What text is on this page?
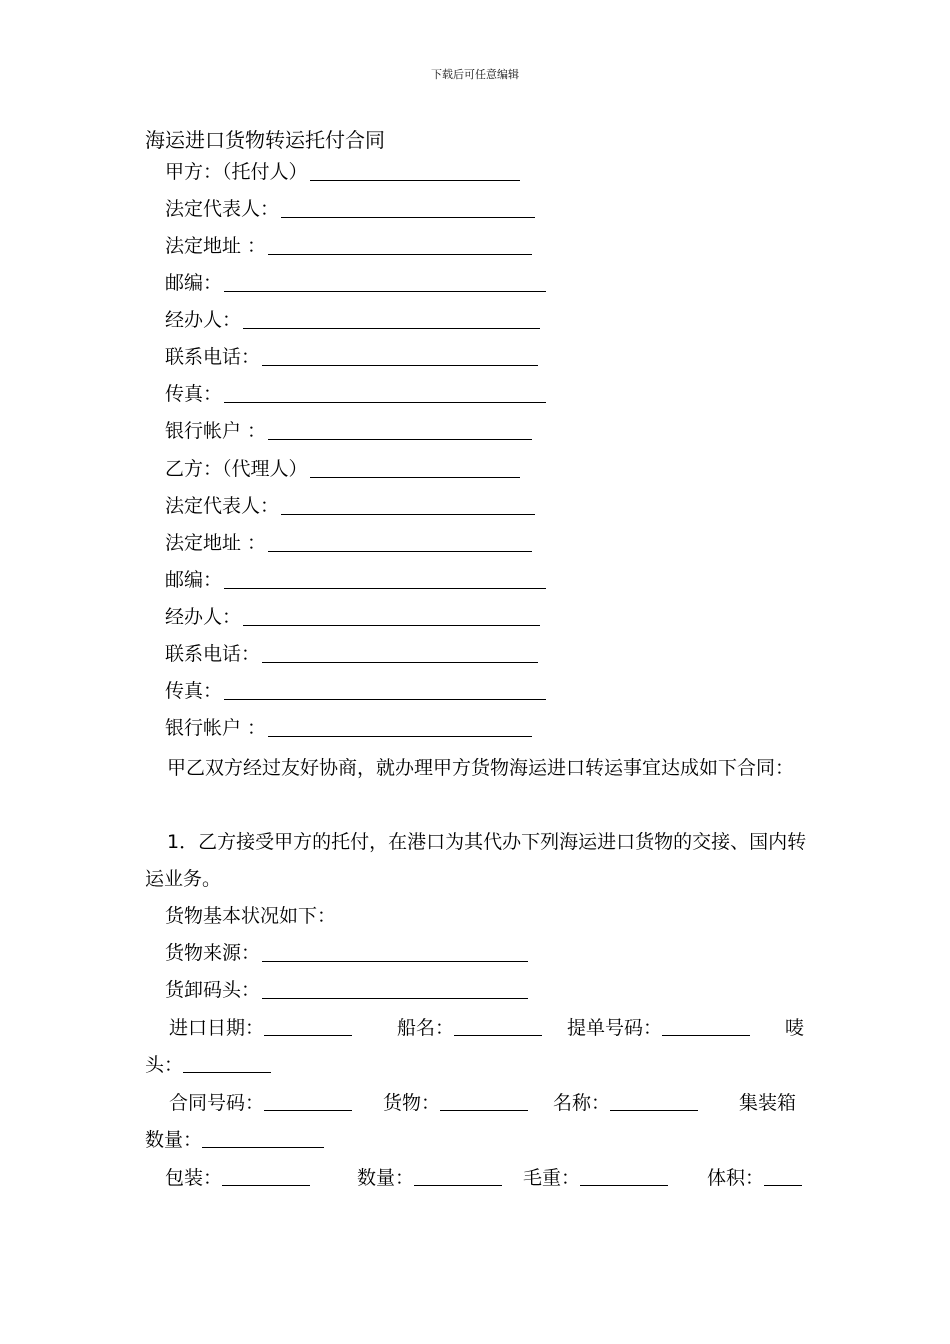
下载后可任意编辑
海运进口货物转运托付合同
甲方：（托付人）
法定代表人：
法定地址 ：
邮编：
经办人：
联系电话：
传真：
银行帐户 ：
乙方：（代理人）
法定代表人：
法定地址 ：
邮编：
经办人：
联系电话：
传真：
银行帐户 ：
甲乙双方经过友好协商，就办理甲方货物海运进口转运事宜达成如下合同：
1．乙方接受甲方的托付，在港口为其代办下列海运进口货物的交接、国内转运业务。
货物基本状况如下：
货物来源：
货卸码头：
进口日期：	船名：	提单号码：	唛
头：
合同号码：	货物：	名称：	集装箱
数量：
包装：	数量：	毛重：	体积：
